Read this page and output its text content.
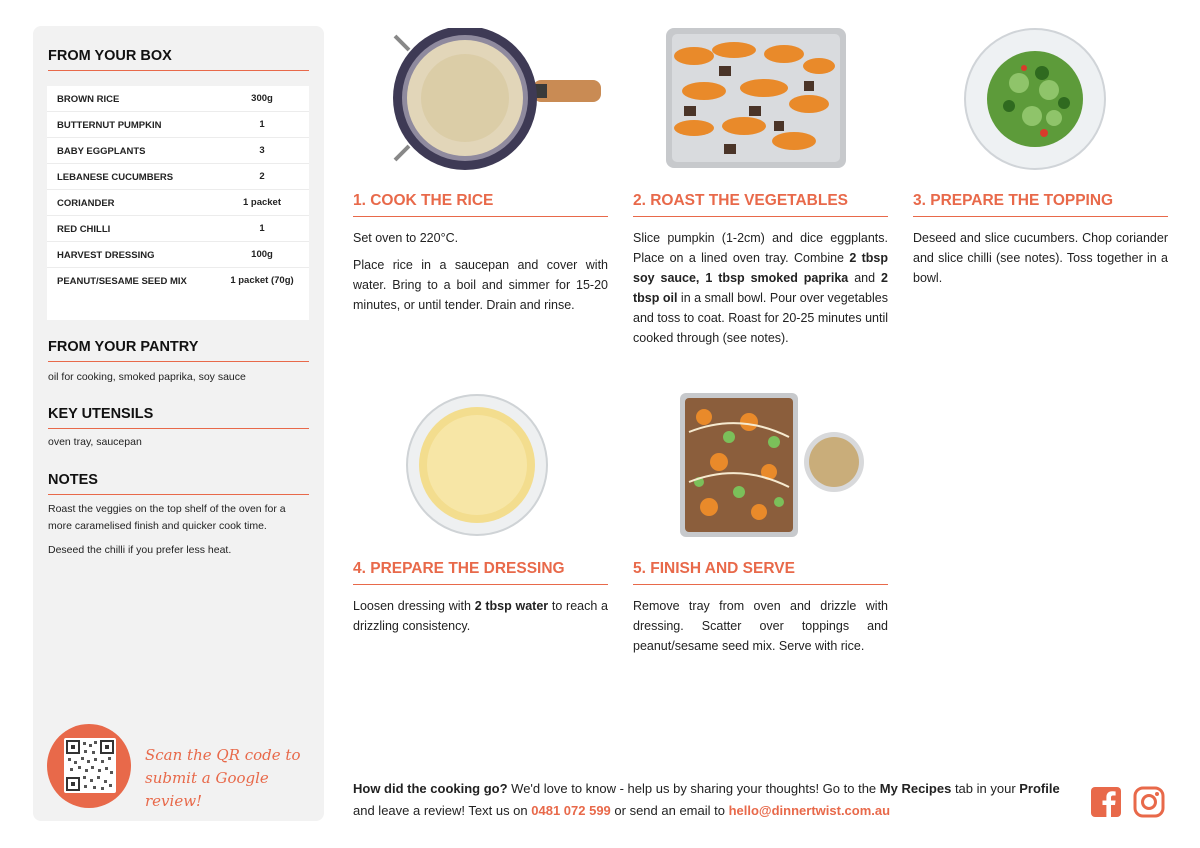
FROM YOUR BOX
BROWN RICE	300g
BUTTERNUT PUMPKIN	1
BABY EGGPLANTS	3
LEBANESE CUCUMBERS	2
CORIANDER	1 packet
RED CHILLI	1
HARVEST DRESSING	100g
PEANUT/SESAME SEED MIX	1 packet (70g)
FROM YOUR PANTRY
oil for cooking, smoked paprika, soy sauce
KEY UTENSILS
oven tray, saucepan
NOTES
Roast the veggies on the top shelf of the oven for a more caramelised finish and quicker cook time.
Deseed the chilli if you prefer less heat.
Scan the QR code to
submit a Google review!
1. COOK THE RICE

Set oven to 220°C.

Place rice in a saucepan and cover with water. Bring to a boil and simmer for 15-20 minutes, or until tender. Drain and rinse.

2. ROAST THE VEGETABLES

Slice pumpkin (1-2cm) and dice eggplants. Place on a lined oven tray. Combine 2 tbsp soy sauce, 1 tbsp smoked paprika and 2 tbsp oil in a small bowl. Pour over vegetables and toss to coat. Roast for 20-25 minutes until cooked through (see notes).

3. PREPARE THE TOPPING

Deseed and slice cucumbers. Chop coriander and slice chilli (see notes). Toss together in a bowl.

4. PREPARE THE DRESSING

Loosen dressing with 2 tbsp water to reach a drizzling consistency.

5. FINISH AND SERVE

Remove tray from oven and drizzle with dressing. Scatter over toppings and peanut/sesame seed mix. Serve with rice.

How did the cooking go? We'd love to know - help us by sharing your thoughts! Go to the My Recipes tab in your Profile and leave a review! Text us on 0481 072 599 or send an email to hello@dinnertwist.com.au
